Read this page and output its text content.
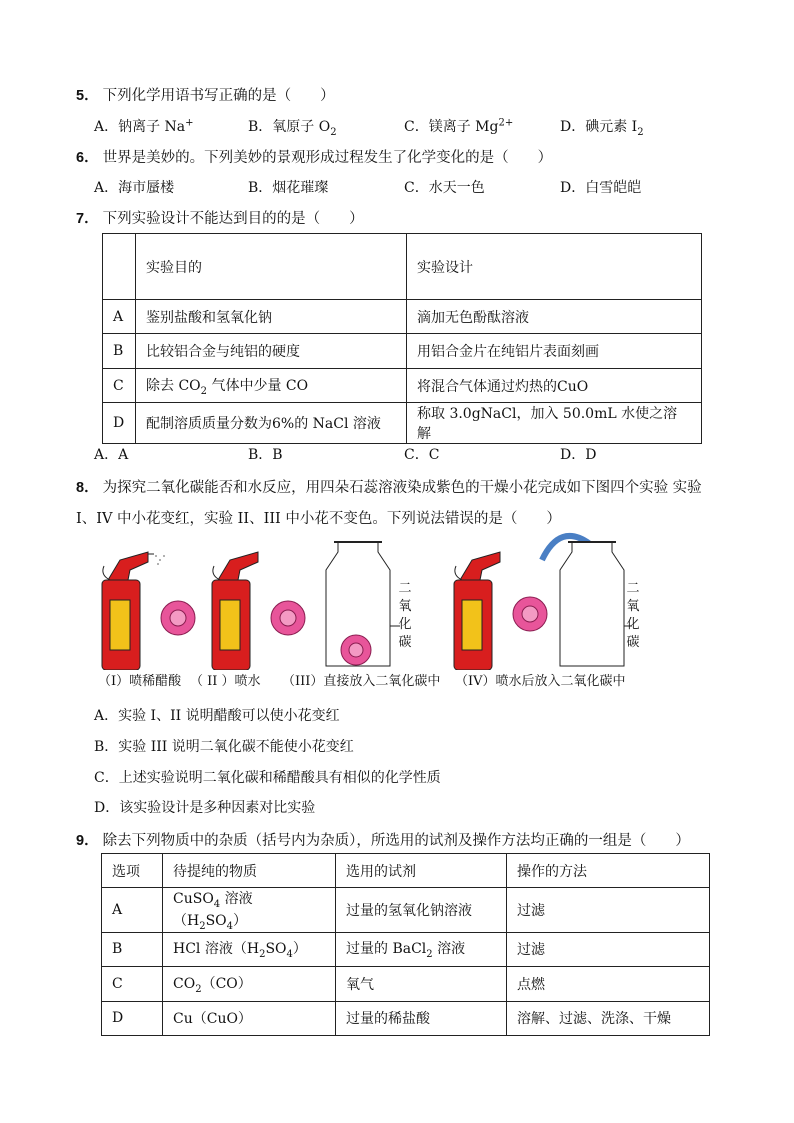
5． 下列化学用语书写正确的是（　　）
A．钠离子 Na+	B．氧原子 $O_2$	C．镁离子 $Mg^{2+}$	D．碘元素 $I_2$
6． 世界是美妙的。下列美妙的景观形成过程发生了化学变化的是（　　）
A．海市蜃楼	B．烟花璀璨	C．水天一色	D．白雪皑皑
7． 下列实验设计不能达到目的的是（　　）
	实验目的	实验设计
A	鉴别盐酸和氢氧化钠	滴加无色酚酞溶液
B	比较铝合金与纯铝的硬度	用铝合金片在纯铝片表面刻画
C	除去 $CO_2$ 气体中少量 CO	将混合气体通过灼热的CuO
D	配制溶质质量分数为6%的 NaCl 溶液	称取 3.0gNaCl，加入 50.0mL 水使之溶解
A．A	B．B	C．C	D．D
8． 为探究二氧化碳能否和水反应，用四朵石蕊溶液染成紫色的干燥小花完成如下图四个实验 实验
I、IV 中小花变红，实验 II、III 中小花不变色。下列说法错误的是（　　）
二
氧
化
碳
二
氧
化
碳
（I）喷稀醋酸 （ II ）喷水 （III）直接放入二氧化碳中 （IV）喷水后放入二氧化碳中
A．实验 I、II 说明醋酸可以使小花变红
B．实验 III 说明二氧化碳不能使小花变红
C．上述实验说明二氧化碳和稀醋酸具有相似的化学性质
D．该实验设计是多种因素对比实验
9． 除去下列物质中的杂质（括号内为杂质），所选用的试剂及操作方法均正确的一组是（　　）
选项	待提纯的物质	选用的试剂	操作的方法
A	CuSO$_4$ 溶液$(H_2SO_4)$	过量的氢氧化钠溶液	过滤
B	HCl 溶液$(H_2SO_4)$	过量的 BaCl$_2$ 溶液	过滤
C	$CO_2(CO)$	氧气	点燃
D	Cu（CuO）	过量的稀盐酸	溶解、过滤、洗涤、干燥
